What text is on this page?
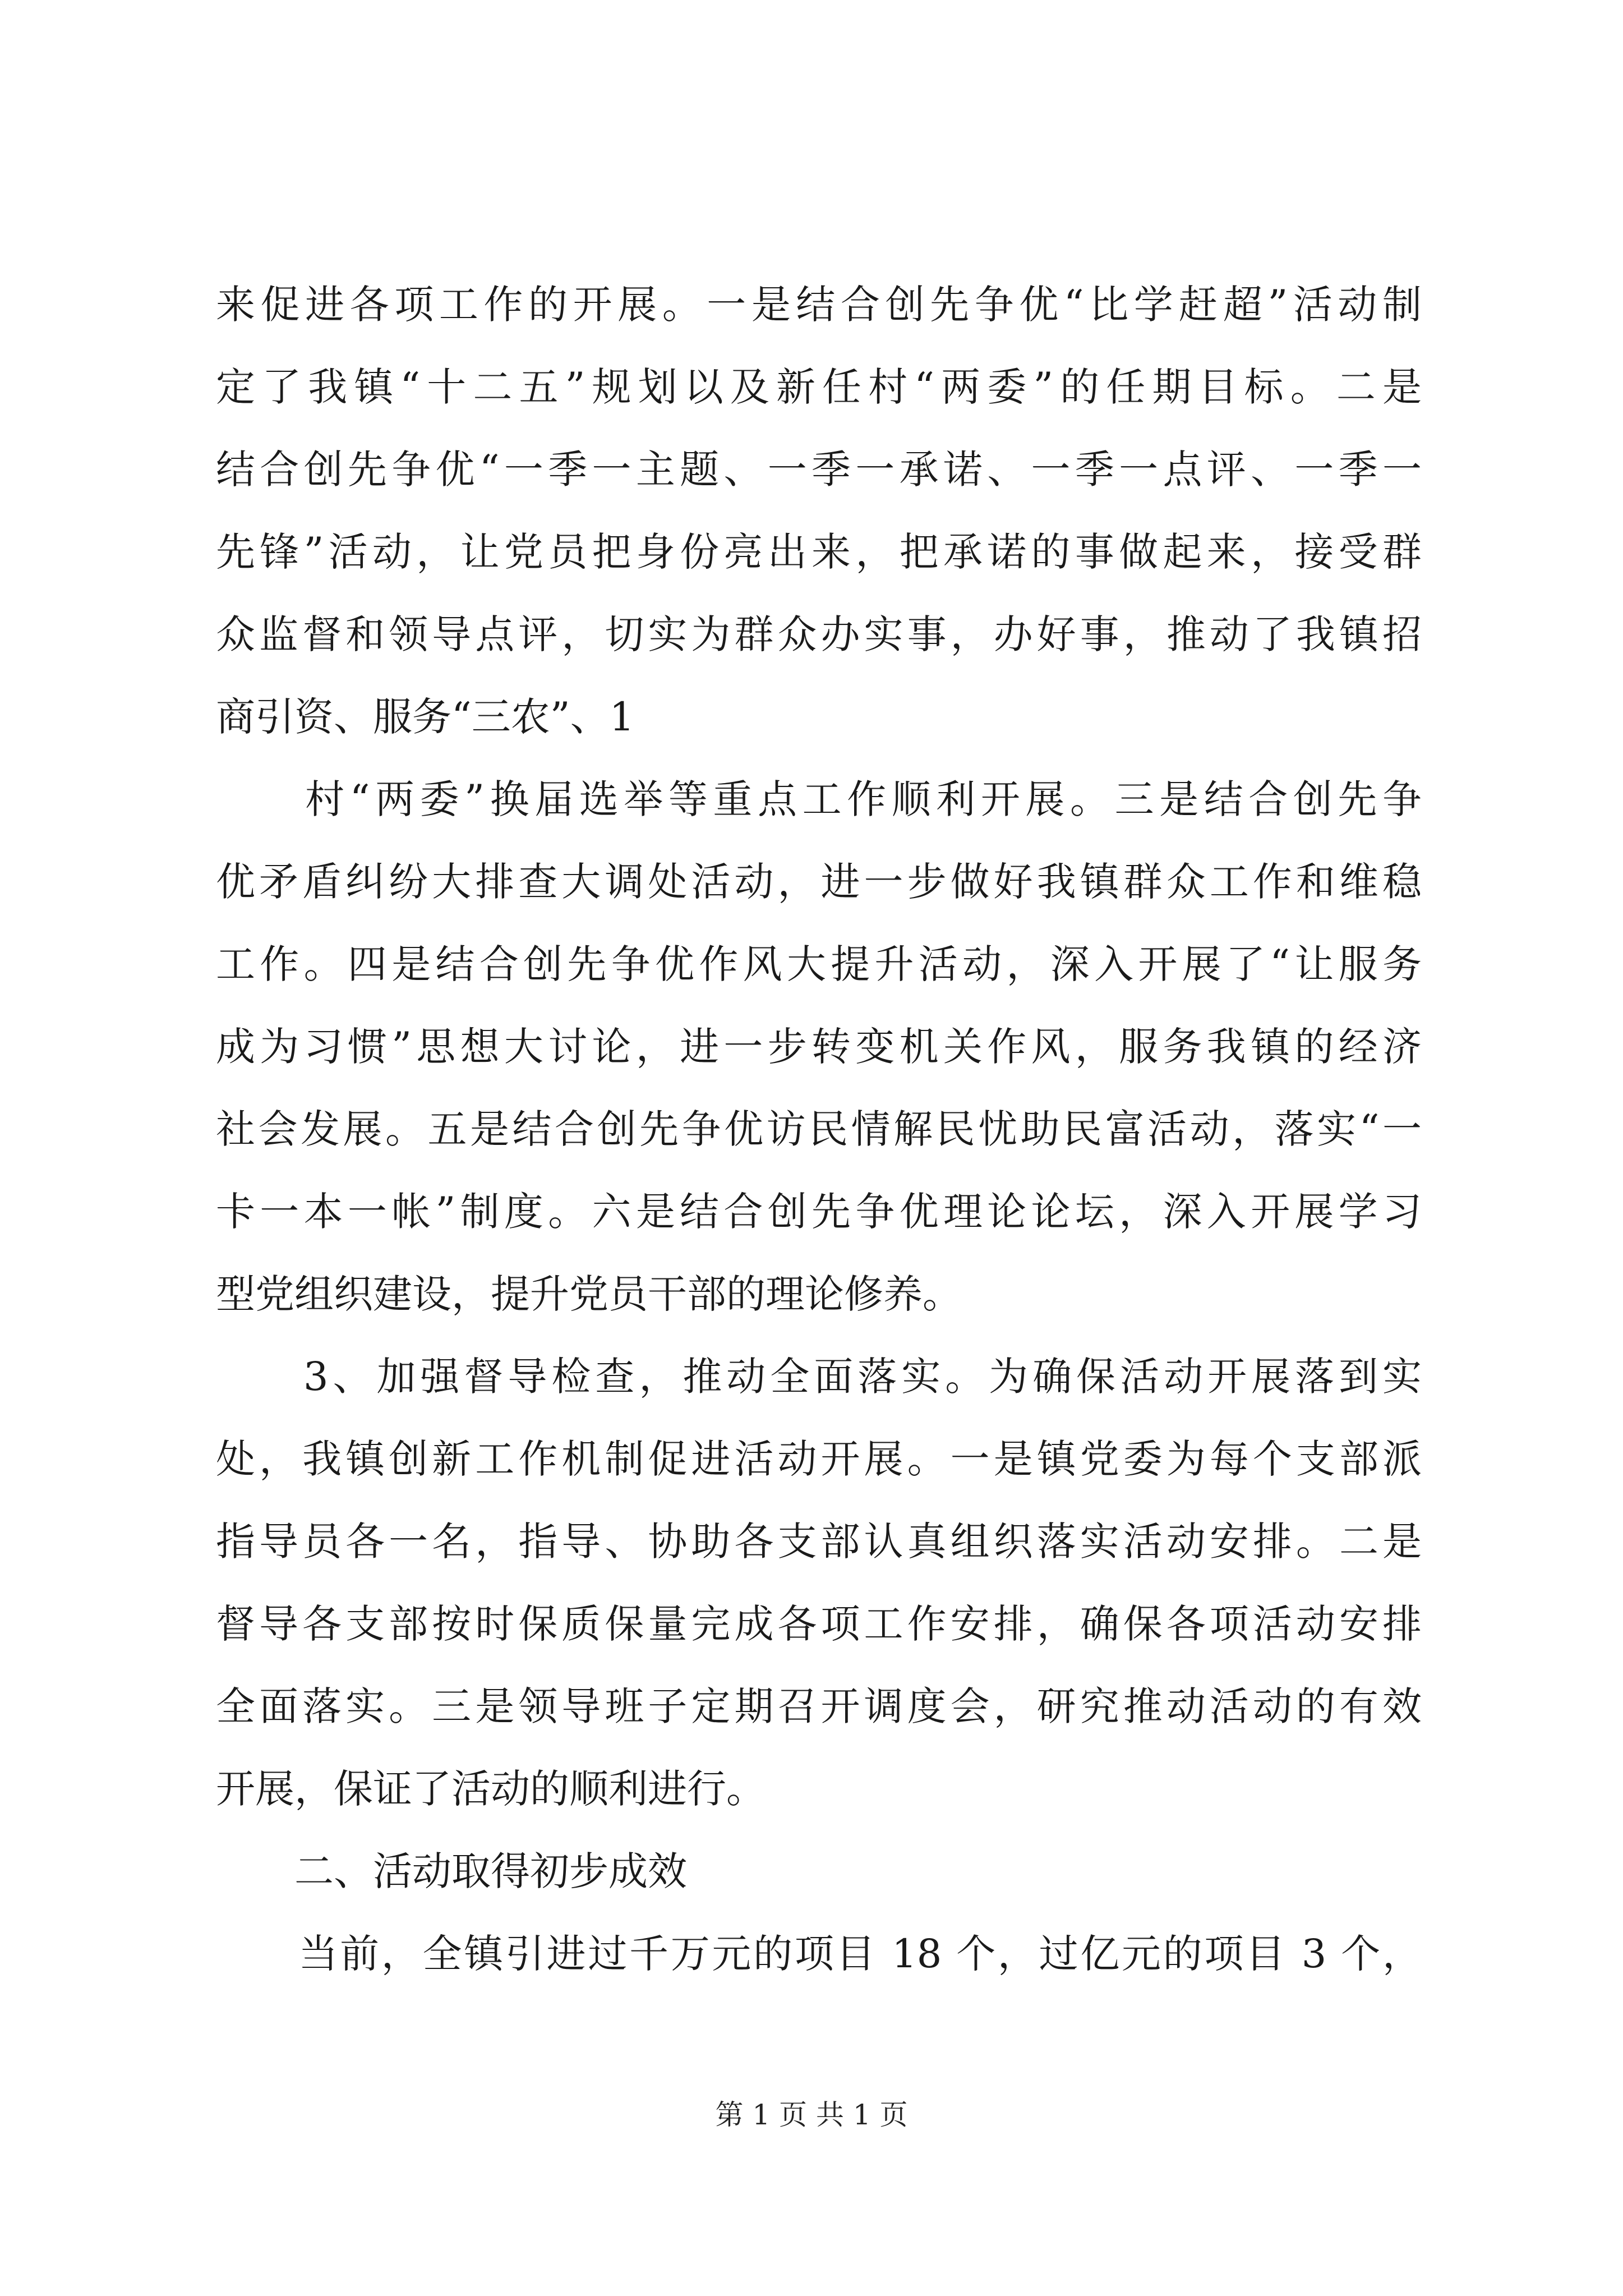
来促进各项工作的开展。一是结合创先争优“比学赶超”活动制
定了我镇“十二五”规划以及新任村“两委”的任期目标。二是
结合创先争优“一季一主题、一季一承诺、一季一点评、一季一
先锋”活动，让党员把身份亮出来，把承诺的事做起来，接受群
众监督和领导点评，切实为群众办实事，办好事，推动了我镇招
商引资、服务“三农”、1
　　村“两委”换届选举等重点工作顺利开展。三是结合创先争
优矛盾纠纷大排查大调处活动，进一步做好我镇群众工作和维稳
工作。四是结合创先争优作风大提升活动，深入开展了“让服务
成为习惯”思想大讨论，进一步转变机关作风，服务我镇的经济
社会发展。五是结合创先争优访民情解民忧助民富活动，落实“一
卡一本一帐”制度。六是结合创先争优理论论坛，深入开展学习
型党组织建设，提升党员干部的理论修养。
　　3、加强督导检查，推动全面落实。为确保活动开展落到实
处，我镇创新工作机制促进活动开展。一是镇党委为每个支部派
指导员各一名，指导、协助各支部认真组织落实活动安排。二是
督导各支部按时保质保量完成各项工作安排，确保各项活动安排
全面落实。三是领导班子定期召开调度会，研究推动活动的有效
开展，保证了活动的顺利进行。
　　二、活动取得初步成效
　　当前，全镇引进过千万元的项目 18 个，过亿元的项目 3 个，
第 1 页 共 1 页
